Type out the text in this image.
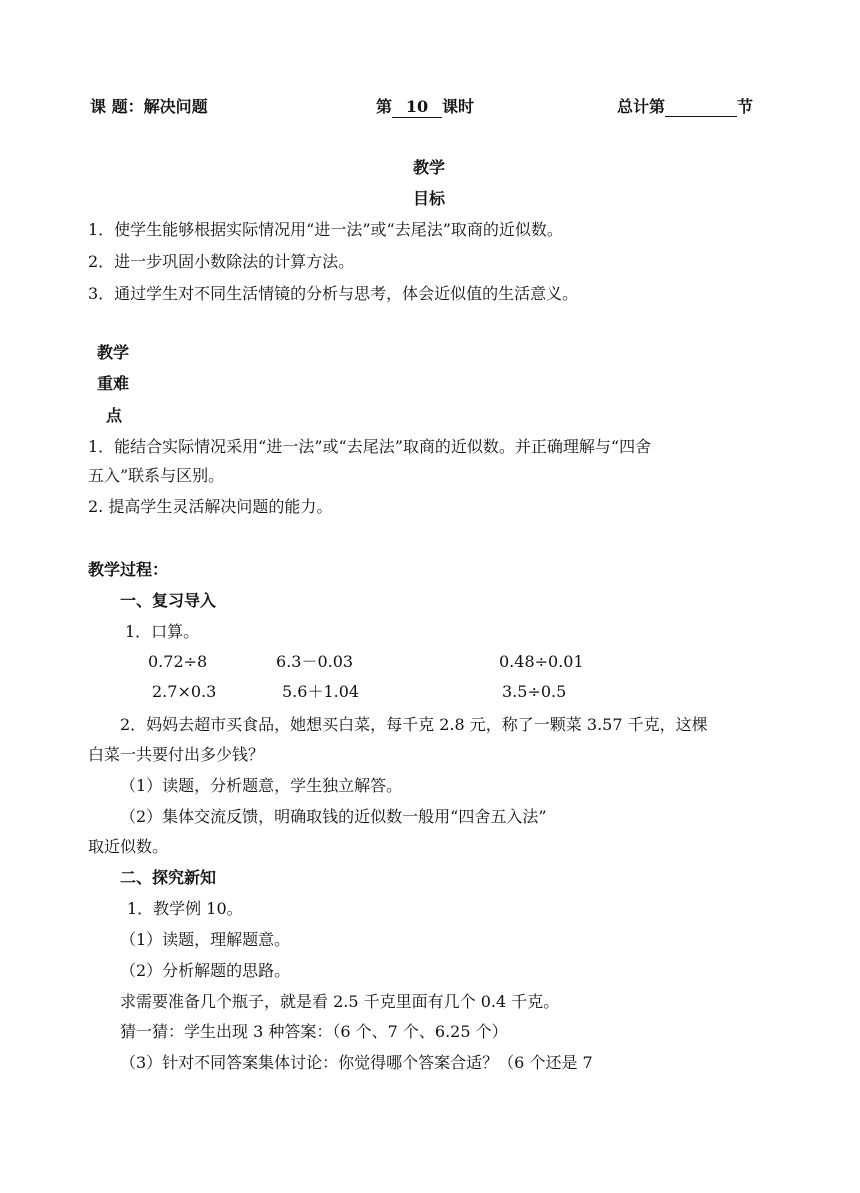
课 题：解决问题	第 10 课时	总计第	节
教学
目标
1．使学生能够根据实际情况用“进一法”或“去尾法”取商的近似数。
2．进一步巩固小数除法的计算方法。
3．通过学生对不同生活情镜的分析与思考，体会近似值的生活意义。
教学
重难
点
1．能结合实际情况采用“进一法”或“去尾法”取商的近似数。并正确理解与“四舍
五入”联系与区别。
2. 提高学生灵活解决问题的能力。
教学过程：
一、复习导入
1．口算。
0.72÷8	6.3－0.03	0.48÷0.01
2.7×0.3	5.6＋1.04	3.5÷0.5
2．妈妈去超市买食品，她想买白菜，每千克 2.8 元，称了一颗菜 3.57 千克，这棵
白菜一共要付出多少钱？
（1）读题，分析题意，学生独立解答。
（2）集体交流反馈，明确取钱的近似数一般用“四舍五入法”
取近似数。
二、探究新知
1．教学例 10。
（1）读题，理解题意。
（2）分析解题的思路。
求需要准备几个瓶子，就是看 2.5 千克里面有几个 0.4 千克。
猜一猜：学生出现 3 种答案：（6 个、7 个、6.25 个）
（3）针对不同答案集体讨论：你觉得哪个答案合适？（6 个还是 7
